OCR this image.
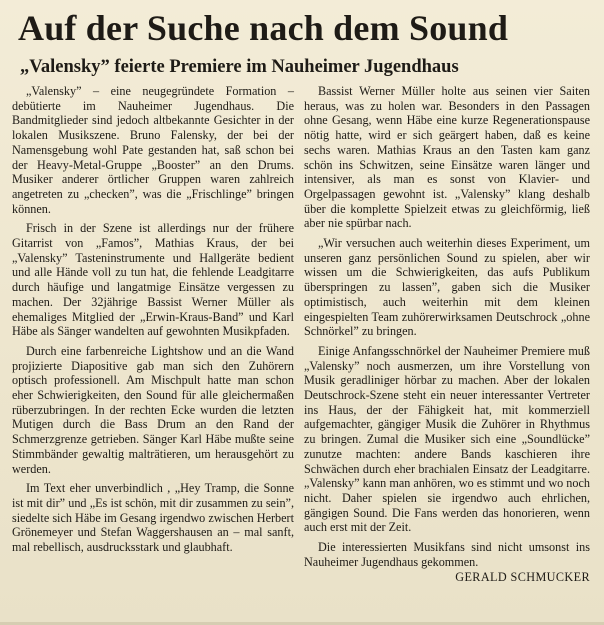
Auf der Suche nach dem Sound
„Valensky” feierte Premiere im Nauheimer Jugendhaus

„Valensky” – eine neugegründete Formation – debütierte im Nauheimer Jugendhaus. Die Bandmitglieder sind jedoch altbekannte Gesichter in der lokalen Musikszene. Bruno Falensky, der bei der Namensgebung wohl Pate gestanden hat, saß schon bei der Heavy-Metal-Gruppe „Booster” an den Drums. Musiker anderer örtlicher Gruppen waren zahlreich angetreten zu „checken”, was die „Frischlinge” bringen können.

Frisch in der Szene ist allerdings nur der frühere Gitarrist von „Famos”, Mathias Kraus, der bei „Valensky” Tasteninstrumente und Hallgeräte bedient und alle Hände voll zu tun hat, die fehlende Leadgitarre durch häufige und langatmige Einsätze vergessen zu machen. Der 32jährige Bassist Werner Müller als ehemaliges Mitglied der „Erwin-Kraus-Band” und Karl Häbe als Sänger wandelten auf gewohnten Musikpfaden.

Durch eine farbenreiche Lightshow und an die Wand projizierte Diapositive gab man sich den Zuhörern optisch professionell. Am Mischpult hatte man schon eher Schwierigkeiten, den Sound für alle gleichermaßen rüberzubringen. In der rechten Ecke wurden die letzten Mutigen durch die Bass Drum an den Rand der Schmerzgrenze getrieben. Sänger Karl Häbe mußte seine Stimmbänder gewaltig malträtieren, um herausgehört zu werden.

Im Text eher unverbindlich , „Hey Tramp, die Sonne ist mit dir” und „Es ist schön, mit dir zusammen zu sein”, siedelte sich Häbe im Gesang irgendwo zwischen Herbert Grönemeyer und Stefan Waggershausen an – mal sanft, mal rebellisch, ausdrucksstark und glaubhaft.

Bassist Werner Müller holte aus seinen vier Saiten heraus, was zu holen war. Besonders in den Passagen ohne Gesang, wenn Häbe eine kurze Regenerationspause nötig hatte, wird er sich geärgert haben, daß es keine sechs waren. Mathias Kraus an den Tasten kam ganz schön ins Schwitzen, seine Einsätze waren länger und intensiver, als man es sonst von Klavier- und Orgelpassagen gewohnt ist. „Valensky” klang deshalb über die komplette Spielzeit etwas zu gleichförmig, ließ aber nie spürbar nach.

„Wir versuchen auch weiterhin dieses Experiment, um unseren ganz persönlichen Sound zu spielen, aber wir wissen um die Schwierigkeiten, das aufs Publikum überspringen zu lassen”, gaben sich die Musiker optimistisch, auch weiterhin mit dem kleinen eingespielten Team zuhörerwirksamen Deutschrock „ohne Schnörkel” zu bringen.

Einige Anfangsschnörkel der Nauheimer Premiere muß „Valensky” noch ausmerzen, um ihre Vorstellung von Musik geradliniger hörbar zu machen. Aber der lokalen Deutschrock-Szene steht ein neuer interessanter Vertreter ins Haus, der der Fähigkeit hat, mit kommerziell aufgemachter, gängiger Musik die Zuhörer in Rhythmus zu bringen. Zumal die Musiker sich eine „Soundlücke” zunutze machten: andere Bands kaschieren ihre Schwächen durch eher brachialen Einsatz der Leadgitarre. „Valensky” kann man anhören, wo es stimmt und wo noch nicht. Daher spielen sie irgendwo auch ehrlichen, gängigen Sound. Die Fans werden das honorieren, wenn auch erst mit der Zeit.

Die interessierten Musikfans sind nicht umsonst ins Nauheimer Jugendhaus gekommen.

GERALD SCHMUCKER
